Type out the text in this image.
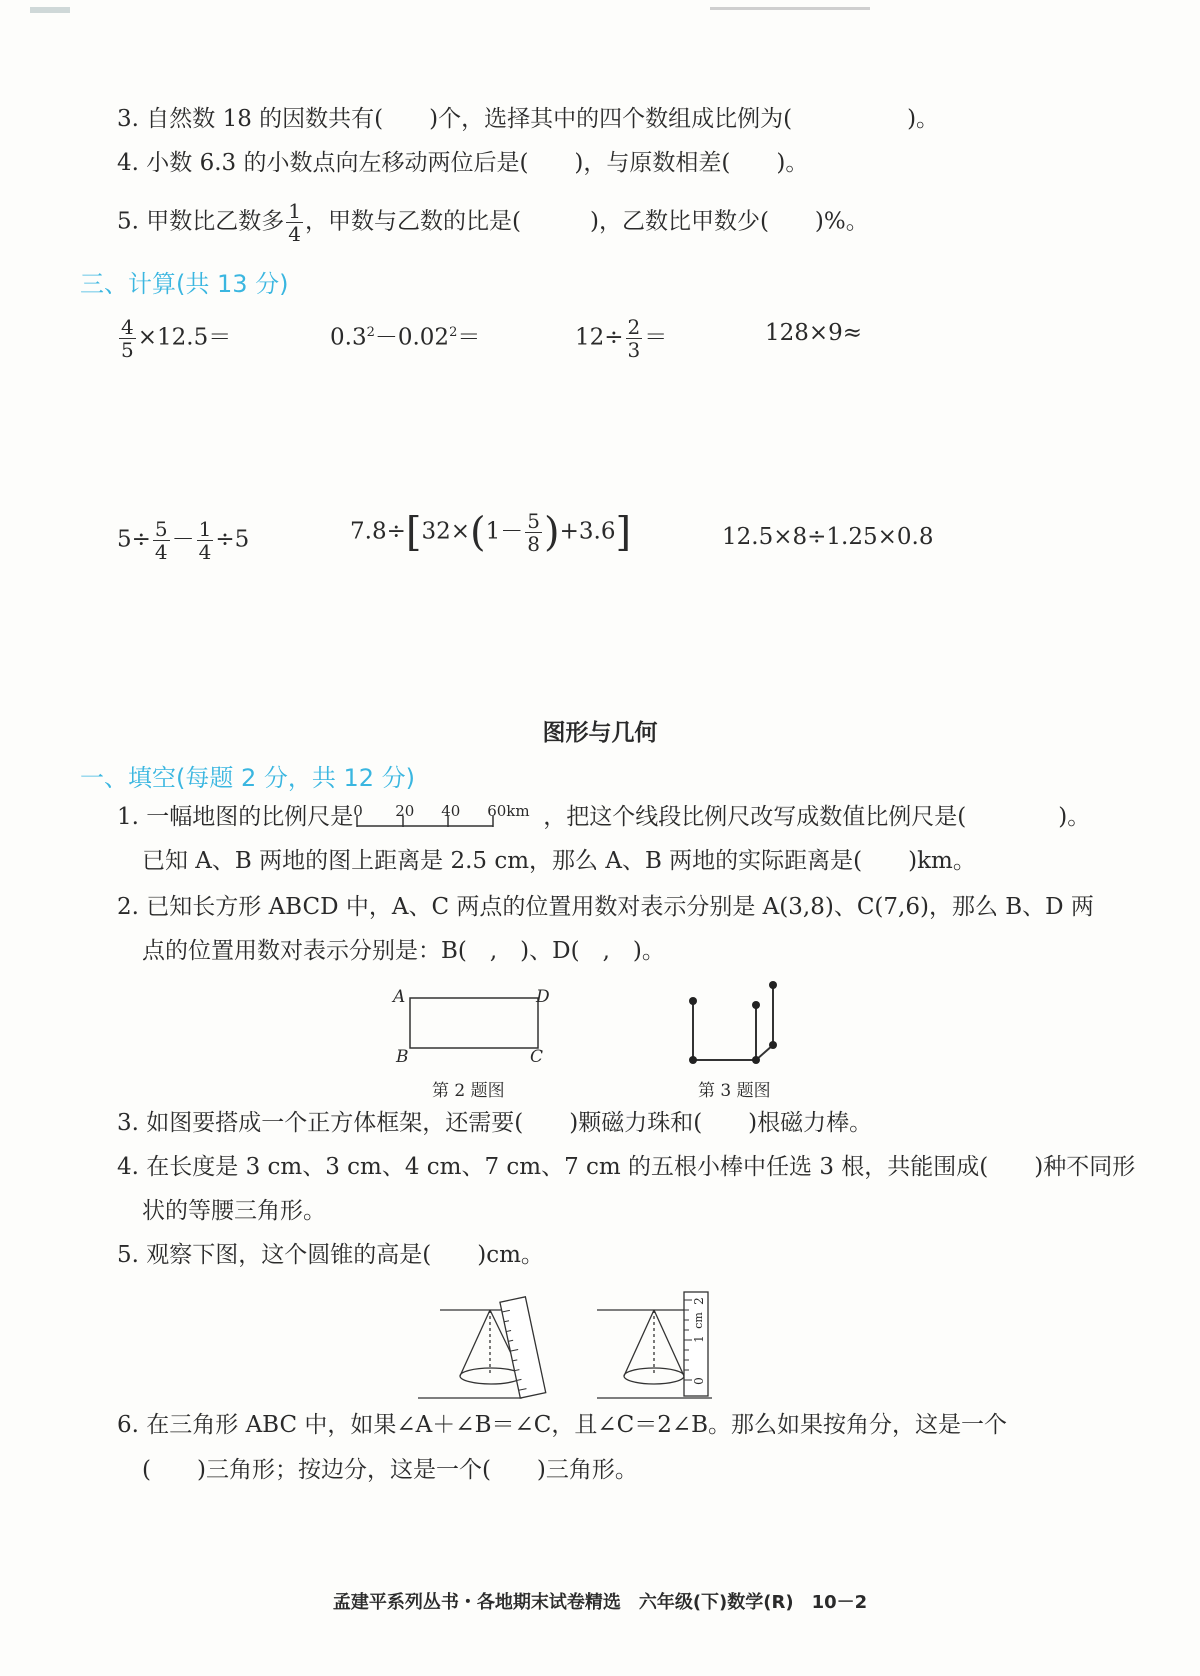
3. 自然数 18 的因数共有(　　)个，选择其中的四个数组成比例为(　　　　　)。
4. 小数 6.3 的小数点向左移动两位后是(　　)，与原数相差(　　)。
5. 甲数比乙数多 $\frac{1}{4}$ ，甲数与乙数的比是(　　　)，乙数比甲数少(　　)%。
三、计算(共 13 分)
$\frac{4}{5} \times 12.5=$	$0.3^2-0.02^2=$	$12\div \frac{2}{3}$ ＝	128×9≈
$5\div \frac{5}{4} - \frac{1}{4} \div 5$	$7.8\div[32\times(1- \frac{5}{8} )+3.6]$	12.5×8÷1.25×0.8
图形与几何
一、填空(每题 2 分，共 12 分)
1. 一幅地图的比例尺是 0 20 40 60 km ，把这个线段比例尺改写成数值比例尺是(　　　　)。
已知 A、B 两地的图上距离是 2.5 cm，那么 A、B 两地的实际距离是(　　)km。
2. 已知长方形 ABCD 中，A、C 两点的位置用数对表示分别是 A(3,8)、C(7,6)，那么 B、D 两
点的位置用数对表示分别是：B(　,　)、D(　,　)。
A	D
B	C
第 2 题图	第 3 题图
3. 如图要搭成一个正方体框架，还需要(　　)颗磁力珠和(　　)根磁力棒。
4. 在长度是 3 cm、3 cm、4 cm、7 cm、7 cm 的五根小棒中任选 3 根，共能围成(　　)种不同形
状的等腰三角形。
5. 观察下图，这个圆锥的高是(　　)cm。
0
1
cm
2
6. 在三角形 ABC 中，如果∠A＋∠B＝∠C，且∠C＝2∠B。那么如果按角分，这是一个
(　　)三角形；按边分，这是一个(　　)三角形。
孟建平系列丛书・各地期末试卷精选　六年级(下)数学(R)　10－2
